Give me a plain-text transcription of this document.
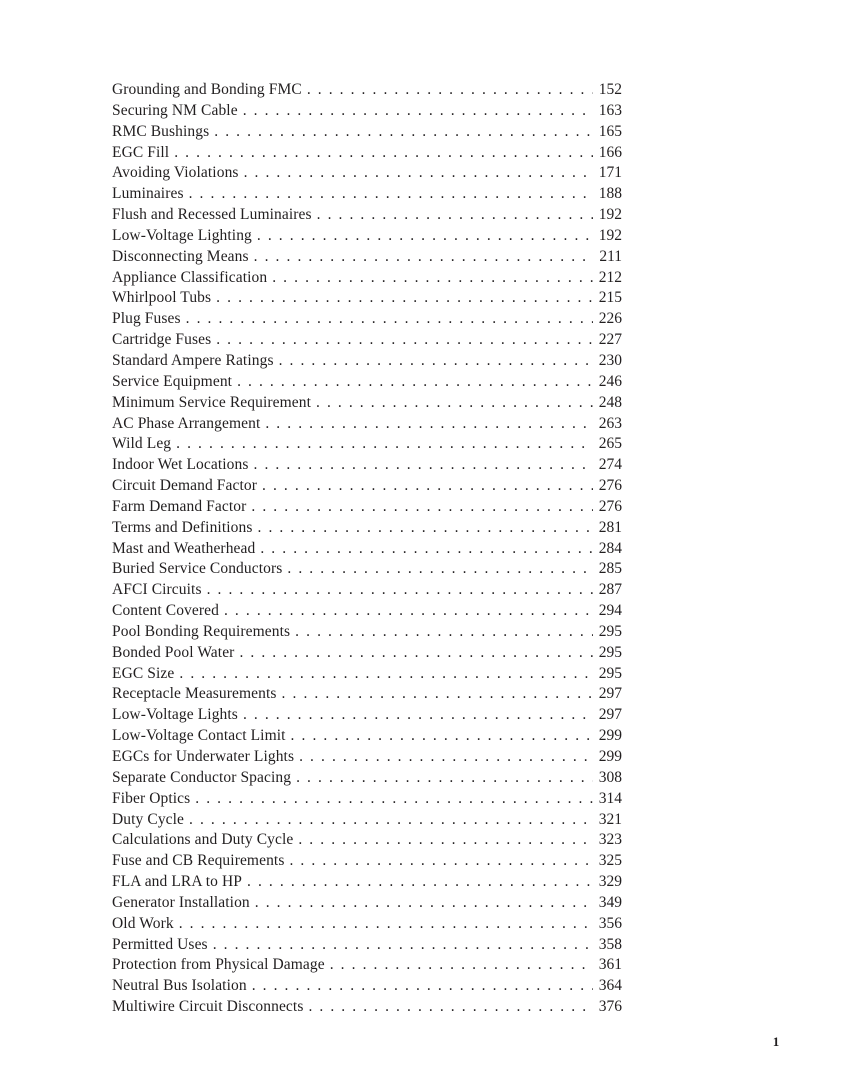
Grounding and Bonding FMC . . .	152
Securing NM Cable . . .	163
RMC Bushings . . .	165
EGC Fill . . .	166
Avoiding Violations . . .	171
Luminaires . . .	188
Flush and Recessed Luminaires . . .	192
Low-Voltage Lighting . . .	192
Disconnecting Means . . .	211
Appliance Classification . . .	212
Whirlpool Tubs . . .	215
Plug Fuses . . .	226
Cartridge Fuses . . .	227
Standard Ampere Ratings . . .	230
Service Equipment . . .	246
Minimum Service Requirement . . .	248
AC Phase Arrangement . . .	263
Wild Leg . . .	265
Indoor Wet Locations . . .	274
Circuit Demand Factor . . .	276
Farm Demand Factor . . .	276
Terms and Definitions . . .	281
Mast and Weatherhead . . .	284
Buried Service Conductors . . .	285
AFCI Circuits . . .	287
Content Covered . . .	294
Pool Bonding Requirements . . .	295
Bonded Pool Water . . .	295
EGC Size . . .	295
Receptacle Measurements . . .	297
Low-Voltage Lights . . .	297
Low-Voltage Contact Limit . . .	299
EGCs for Underwater Lights . . .	299
Separate Conductor Spacing . . .	308
Fiber Optics . . .	314
Duty Cycle . . .	321
Calculations and Duty Cycle . . .	323
Fuse and CB Requirements . . .	325
FLA and LRA to HP . . .	329
Generator Installation . . .	349
Old Work . . .	356
Permitted Uses . . .	358
Protection from Physical Damage . . .	361
Neutral Bus Isolation . . .	364
Multiwire Circuit Disconnects . . .	376
1
